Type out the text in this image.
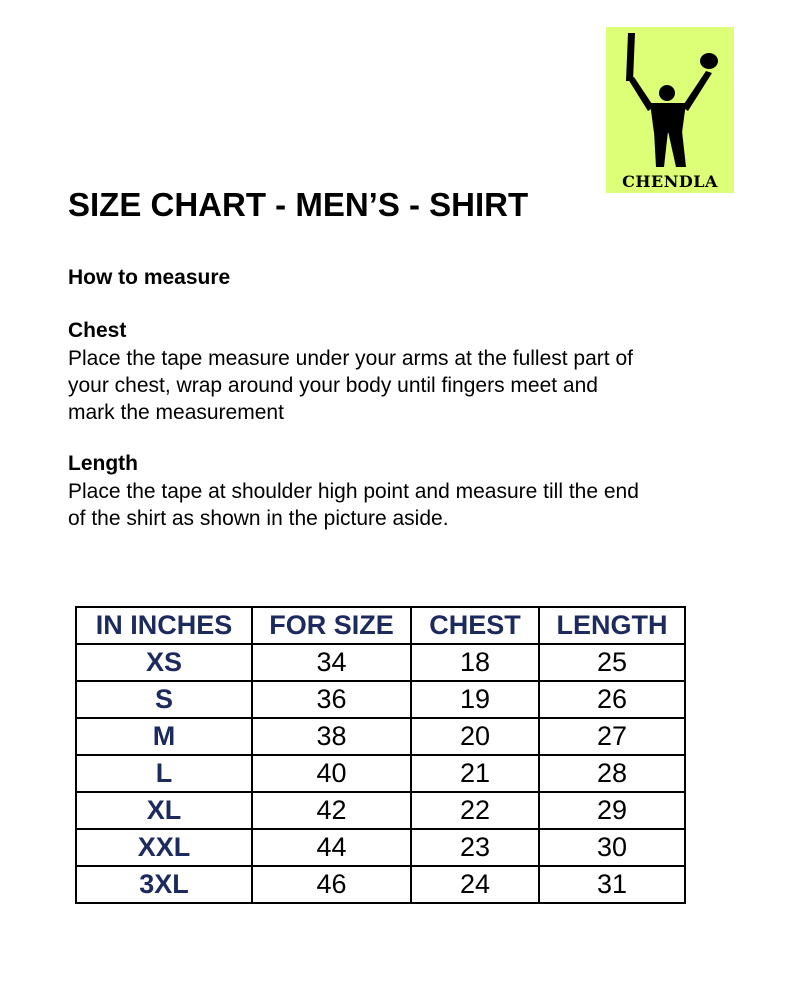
CHENDLA
SIZE CHART - MEN’S - SHIRT
How to measure
Chest
Place the tape measure under your arms at the fullest part of
your chest, wrap around your body until fingers meet and
mark the measurement
Length
Place the tape at shoulder high point and measure till the end
of the shirt as shown in the picture aside.
IN INCHES	FOR SIZE	CHEST	LENGTH
XS	34	18	25
S	36	19	26
M	38	20	27
L	40	21	28
XL	42	22	29
XXL	44	23	30
3XL	46	24	31
